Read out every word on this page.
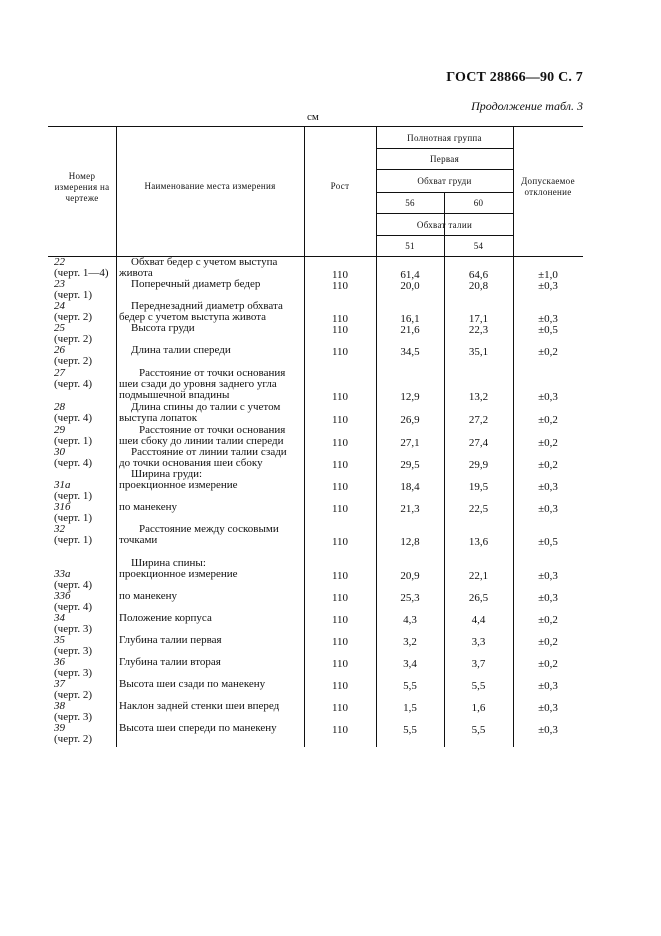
ГОСТ 28866—90 С. 7
Продолжение табл. 3
см
Номер измерения на чертеже
Наименование места измерения	Рост
Полнотная группа
Первая
Обхват груди
56	60
Обхват талии
51	54
Допускаемое отклонение
22
(черт. 1—4)
Обхват бедер с учетом выступа
живота	110	61,4	64,6	±1,0
23
(черт. 1)
Поперечный диаметр бедер	110	20,0	20,8	±0,3
24
(черт. 2)
Переднезадний диаметр обхвата
бедер с учетом выступа живота	110	16,1	17,1	±0,3
25
(черт. 2)
Высота груди	110	21,6	22,3	±0,5
26
(черт. 2)
Длина талии спереди	110	34,5	35,1	±0,2
27
(черт. 4)
Расстояние от точки основания
шеи сзади до уровня заднего угла
подмышечной впадины	110	12,9	13,2	±0,3
28
(черт. 4)
Длина спины до талии с учетом
выступа лопаток	110	26,9	27,2	±0,2
29
(черт. 1)
Расстояние от точки основания
шеи сбоку до линии талии спереди	110	27,1	27,4	±0,2
30
(черт. 4)
Расстояние от линии талии сзади
до точки основания шеи сбоку	110	29,5	29,9	±0,2
Ширина груди:
31а
(черт. 1)
проекционное измерение	110	18,4	19,5	±0,3
31б
(черт. 1)
по манекену	110	21,3	22,5	±0,3
32
(черт. 1)
Расстояние между сосковыми
точками	110	12,8	13,6	±0,5
Ширина спины:
33а
(черт. 4)
проекционное измерение	110	20,9	22,1	±0,3
33б
(черт. 4)
по манекену	110	25,3	26,5	±0,3
34
(черт. 3)
Положение корпуса	110	4,3	4,4	±0,2
35
(черт. 3)
Глубина талии первая	110	3,2	3,3	±0,2
36
(черт. 3)
Глубина талии вторая	110	3,4	3,7	±0,2
37
(черт. 2)
Высота шеи сзади по манекену	110	5,5	5,5	±0,3
38
(черт. 3)
Наклон задней стенки шеи вперед	110	1,5	1,6	±0,3
39
(черт. 2)
Высота шеи спереди по манекену	110	5,5	5,5	±0,3
